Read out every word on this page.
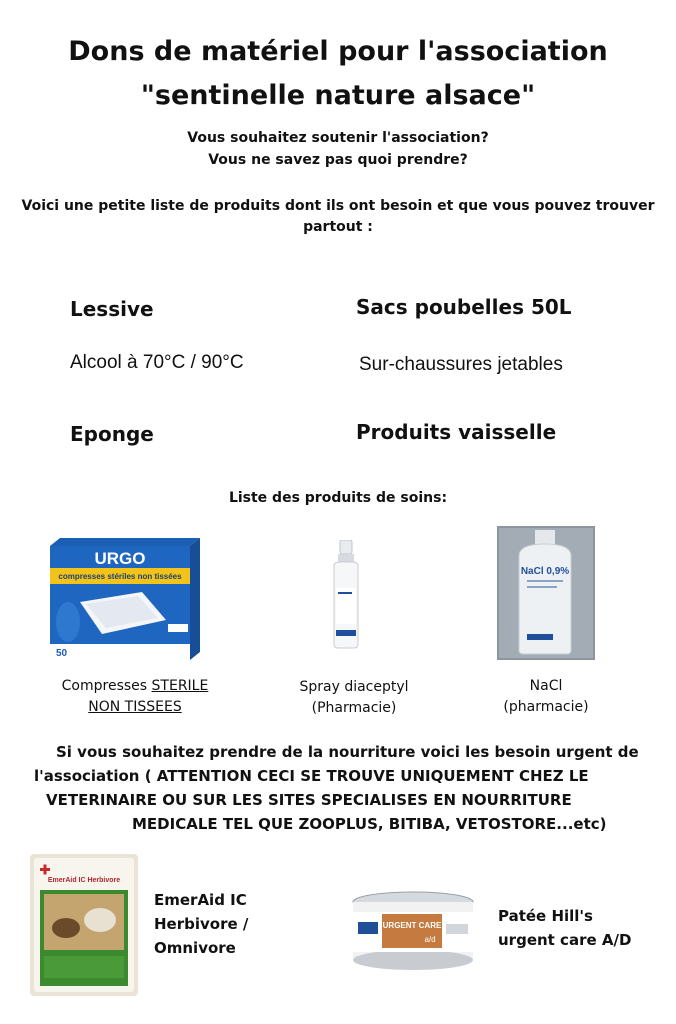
Dons de matériel pour l'association
"sentinelle nature alsace"
Vous souhaitez soutenir l'association?
Vous ne savez pas quoi prendre?
Voici une petite liste de produits dont ils ont besoin et que vous pouvez trouver
partout :
Lessive	Sacs poubelles 50L
Alcool à 70°C / 90°C	Sur-chaussures jetables
Eponge	Produits vaisselle
Liste des produits de soins:
URGO
compresses stériles non tissées
50
NaCl 0,9%
Compresses STERILE
NON TISSEES
Spray diaceptyl
(Pharmacie)
NaCl
(pharmacie)
Si vous souhaitez prendre de la nourriture voici les besoin urgent de
l'association ( ATTENTION CECI SE TROUVE UNIQUEMENT CHEZ LE
VETERINAIRE OU SUR LES SITES SPECIALISES EN NOURRITURE
MEDICALE TEL QUE ZOOPLUS, BITIBA, VETOSTORE...etc)
EmerAid IC Herbivore
EmerAid IC
Herbivore /
Omnivore
URGENT CARE
a/d
Patée Hill's
urgent care A/D
